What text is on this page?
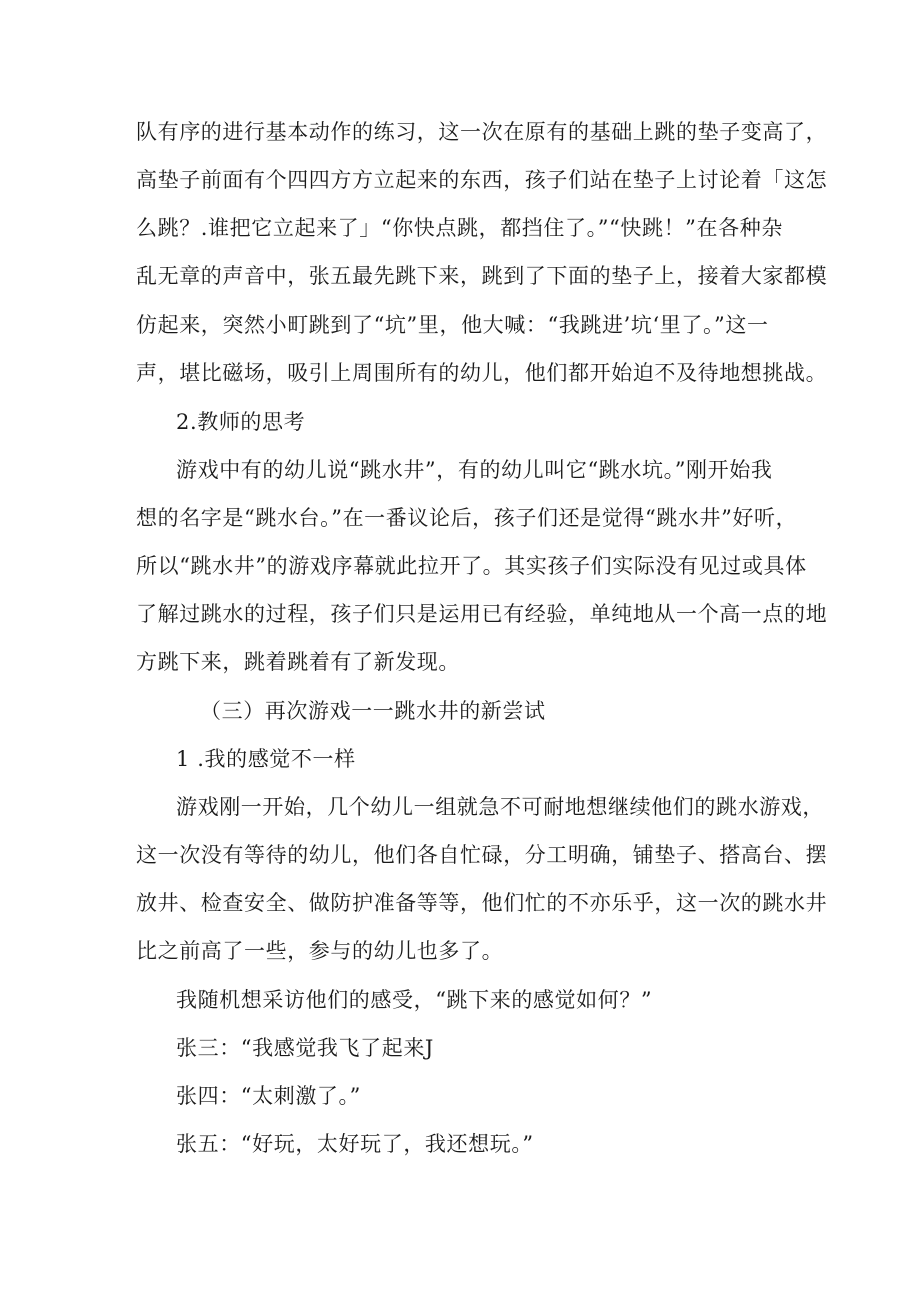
队有序的进行基本动作的练习，这一次在原有的基础上跳的垫子变高了，
高垫子前面有个四四方方立起来的东西，孩子们站在垫子上讨论着「这怎
么跳？.谁把它立起来了」“你快点跳，都挡住了。”“快跳！”在各种杂
乱无章的声音中，张五最先跳下来，跳到了下面的垫子上，接着大家都模
仿起来，突然小町跳到了“坑”里，他大喊：“我跳进’坑‘里了。”这一
声，堪比磁场，吸引上周围所有的幼儿，他们都开始迫不及待地想挑战。
2.教师的思考
游戏中有的幼儿说“跳水井”，有的幼儿叫它“跳水坑。”刚开始我
想的名字是“跳水台。”在一番议论后，孩子们还是觉得“跳水井”好听，
所以“跳水井”的游戏序幕就此拉开了。其实孩子们实际没有见过或具体
了解过跳水的过程，孩子们只是运用已有经验，单纯地从一个高一点的地
方跳下来，跳着跳着有了新发现。
（三）再次游戏一一跳水井的新尝试
1 .我的感觉不一样
游戏刚一开始，几个幼儿一组就急不可耐地想继续他们的跳水游戏，
这一次没有等待的幼儿，他们各自忙碌，分工明确，铺垫子、搭高台、摆
放井、检查安全、做防护准备等等，他们忙的不亦乐乎，这一次的跳水井
比之前高了一些，参与的幼儿也多了。
我随机想采访他们的感受，“跳下来的感觉如何？”
张三：“我感觉我飞了起来J
张四：“太刺激了。”
张五：“好玩，太好玩了，我还想玩。”
